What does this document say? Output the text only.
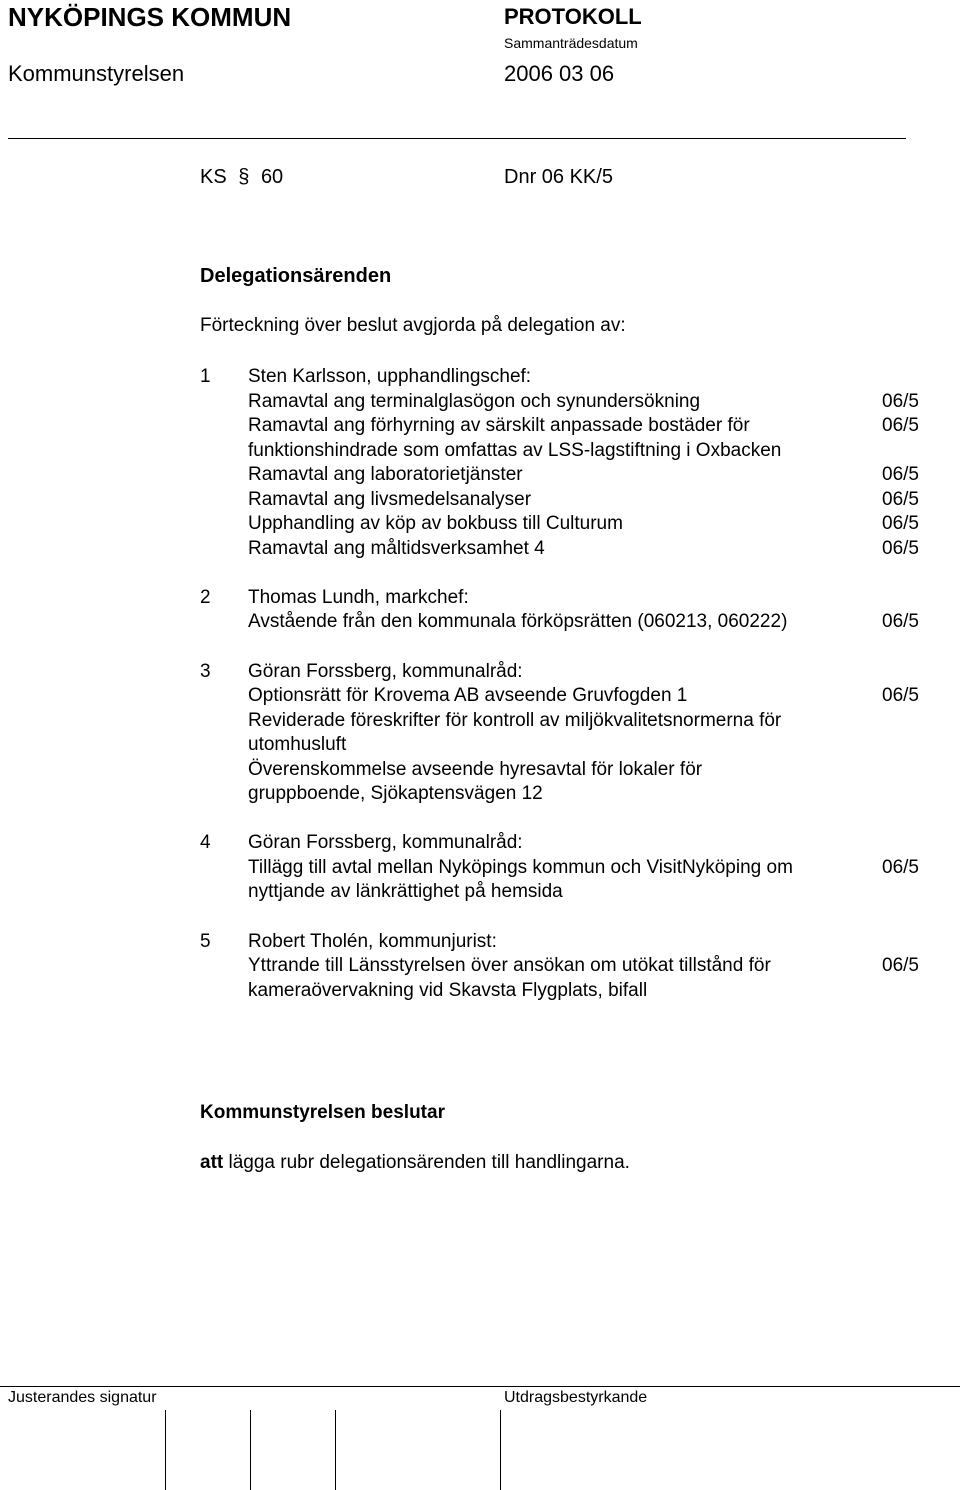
NYKÖPINGS KOMMUN	PROTOKOLL
Sammanträdesdatum
Kommunstyrelsen	2006 03 06
KS § 60	Dnr 06 KK/5
Delegationsärenden
Förteckning över beslut avgjorda på delegation av:
1 Sten Karlsson, upphandlingschef:
Ramavtal ang terminalglasögon och synundersökning	06/5
Ramavtal ang förhyrning av särskilt anpassade bostäder för	06/5
funktionshindrade som omfattas av LSS-lagstiftning i Oxbacken
Ramavtal ang laboratorietjänster	06/5
Ramavtal ang livsmedelsanalyser	06/5
Upphandling av köp av bokbuss till Culturum	06/5
Ramavtal ang måltidsverksamhet 4	06/5
2 Thomas Lundh, markchef:
Avstående från den kommunala förköpsrätten (060213, 060222)	06/5
3 Göran Forssberg, kommunalråd:
Optionsrätt för Krovema AB avseende Gruvfogden 1	06/5
Reviderade föreskrifter för kontroll av miljökvalitetsnormerna för
utomhusluft
Överenskommelse avseende hyresavtal för lokaler för
gruppboende, Sjökaptensvägen 12
4 Göran Forssberg, kommunalråd:
Tillägg till avtal mellan Nyköpings kommun och VisitNyköping om	06/5
nyttjande av länkrättighet på hemsida
5 Robert Tholén, kommunjurist:
Yttrande till Länsstyrelsen över ansökan om utökat tillstånd för	06/5
kameraövervakning vid Skavsta Flygplats, bifall
Kommunstyrelsen beslutar
att lägga rubr delegationsärenden till handlingarna.
Justerandes signatur	Utdragsbestyrkande
